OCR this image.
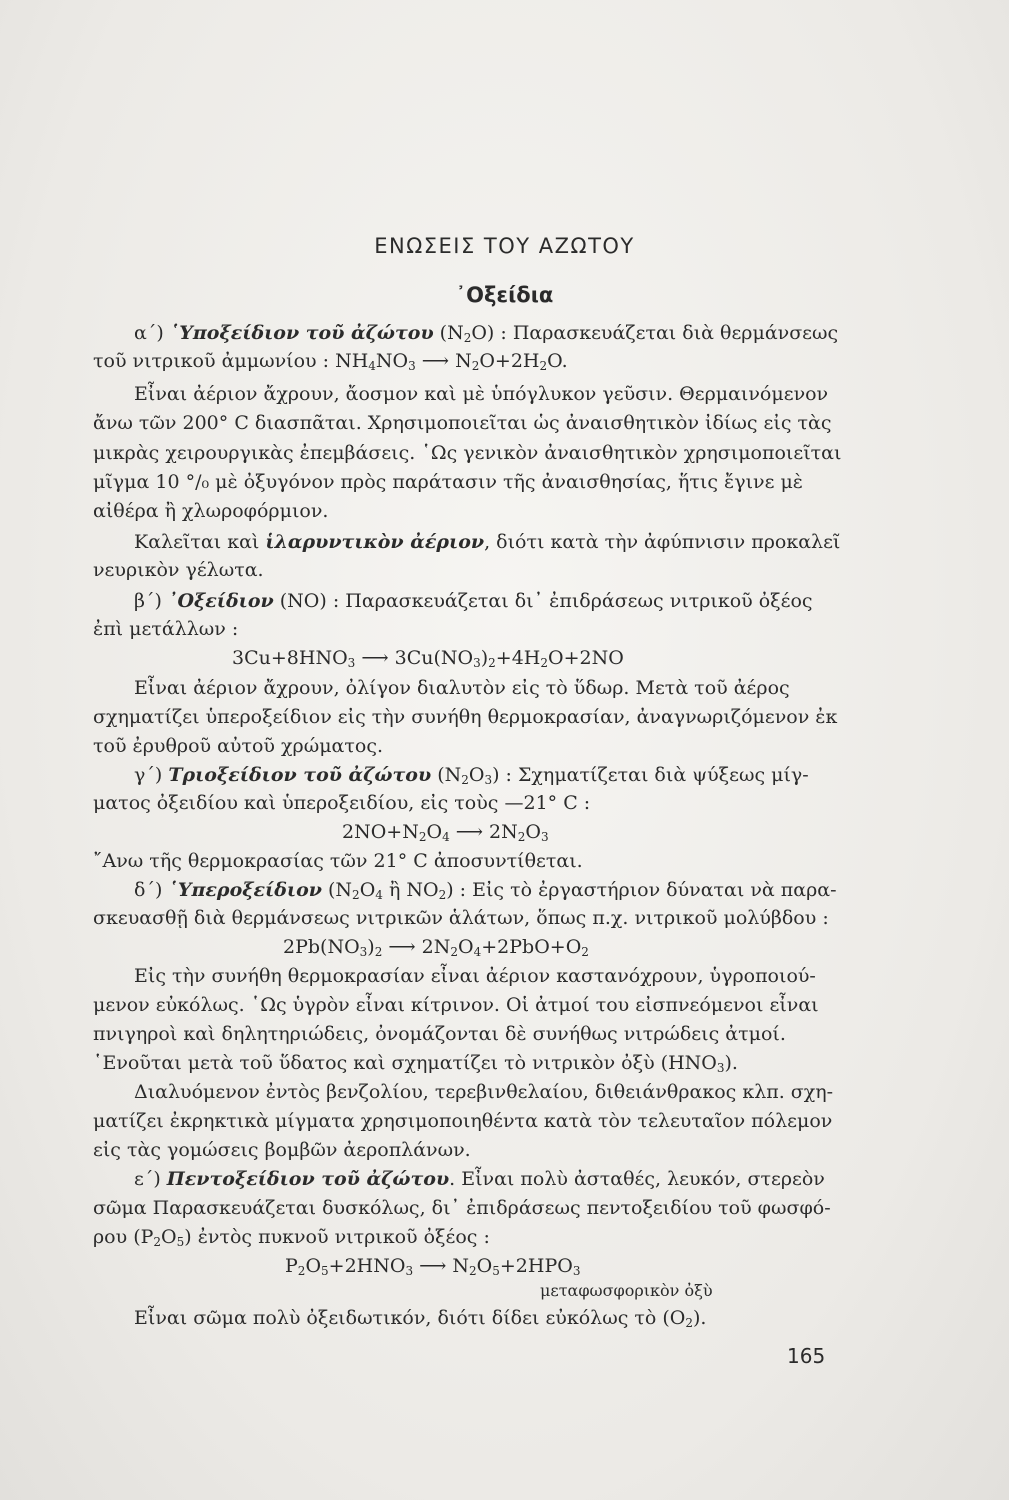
ΕΝΩΣΕΙΣ ΤΟΥ ΑΖΩΤΟΥ
᾿Οξείδια
α΄) ῾Υποξείδιον τοῦ ἀζώτου $(N_2O)$ : Παρασκευάζεται διὰ θερμάνσεως
τοῦ νιτρικοῦ ἀμμωνίου : $NH_4NO_3$ ⟶ $N_2O+2H_2O$.
Εἶναι ἀέριον ἄχρουν, ἄοσμον καὶ μὲ ὑπόγλυκον γεῦσιν. Θερμαινόμενον
ἄνω τῶν 200° C διασπᾶται. Χρησιμοποιεῖται ὡς ἀναισθητικὸν ἰδίως εἰς τὰς
μικρὰς χειρουργικὰς ἐπεμβάσεις. ῾Ως γενικὸν ἀναισθητικὸν χρησιμοποιεῖται
μῖγμα 10 °/₀ μὲ ὀξυγόνον πρὸς παράτασιν τῆς ἀναισθησίας, ἥτις ἔγινε μὲ
αἰθέρα ἢ χλωροφόρμιον.
Καλεῖται καὶ ἱλαρυντικὸν ἀέριον, διότι κατὰ τὴν ἀφύπνισιν προκαλεῖ
νευρικὸν γέλωτα.
β΄) ᾿Οξείδιον (NO) : Παρασκευάζεται δι᾿ ἐπιδράσεως νιτρικοῦ ὀξέος
ἐπὶ μετάλλων :
$3Cu+8HNO_3$ ⟶ $3Cu(NO_3)_2+4H_2O+2NO$
Εἶναι ἀέριον ἄχρουν, ὀλίγον διαλυτὸν εἰς τὸ ὕδωρ. Μετὰ τοῦ ἀέρος
σχηματίζει ὑπεροξείδιον εἰς τὴν συνήθη θερμοκρασίαν, ἀναγνωριζόμενον ἐκ
τοῦ ἐρυθροῦ αὐτοῦ χρώματος.
γ΄) Τριοξείδιον τοῦ ἀζώτου $(N_2O_3)$ : Σχηματίζεται διὰ ψύξεως μίγ-
ματος ὀξειδίου καὶ ὑπεροξειδίου, εἰς τοὺς —21° C :
$2NO+N_2O_4$ ⟶ $2N_2O_3$
῎Ανω τῆς θερμοκρασίας τῶν 21° C ἀποσυντίθεται.
δ΄) ῾Υπεροξείδιον ($N_2O_4$ ἢ $NO_2$) : Εἰς τὸ ἐργαστήριον δύναται νὰ παρα-
σκευασθῇ διὰ θερμάνσεως νιτρικῶν ἁλάτων, ὅπως π.χ. νιτρικοῦ μολύβδου :
$2Pb(NO_3)_2$ ⟶ $2N_2O_4+2PbO+O_2$
Εἰς τὴν συνήθη θερμοκρασίαν εἶναι ἀέριον καστανόχρουν, ὑγροποιού-
μενον εὐκόλως. ῾Ως ὑγρὸν εἶναι κίτρινον. Οἱ ἀτμοί του εἰσπνεόμενοι εἶναι
πνιγηροὶ καὶ δηλητηριώδεις, ὀνομάζονται δὲ συνήθως νιτρώδεις ἀτμοί.
῾Ενοῦται μετὰ τοῦ ὕδατος καὶ σχηματίζει τὸ νιτρικὸν ὀξὺ $(HNO_3)$.
Διαλυόμενον ἐντὸς βενζολίου, τερεβινθελαίου, διθειάνθρακος κλπ. σχη-
ματίζει ἐκρηκτικὰ μίγματα χρησιμοποιηθέντα κατὰ τὸν τελευταῖον πόλεμον
εἰς τὰς γομώσεις βομβῶν ἀεροπλάνων.
ε΄) Πεντοξείδιον τοῦ ἀζώτου. Εἶναι πολὺ ἀσταθές, λευκόν, στερεὸν
σῶμα Παρασκευάζεται δυσκόλως, δι᾿ ἐπιδράσεως πεντοξειδίου τοῦ φωσφό-
ρου $(P_2O_5)$ ἐντὸς πυκνοῦ νιτρικοῦ ὀξέος :
$P_2O_5+2HNO_3$ ⟶ $N_2O_5+2HPO_3$
μεταφωσφορικὸν ὀξὺ
Εἶναι σῶμα πολὺ ὀξειδωτικόν, διότι δίδει εὐκόλως τὸ $(O_2)$.
165
